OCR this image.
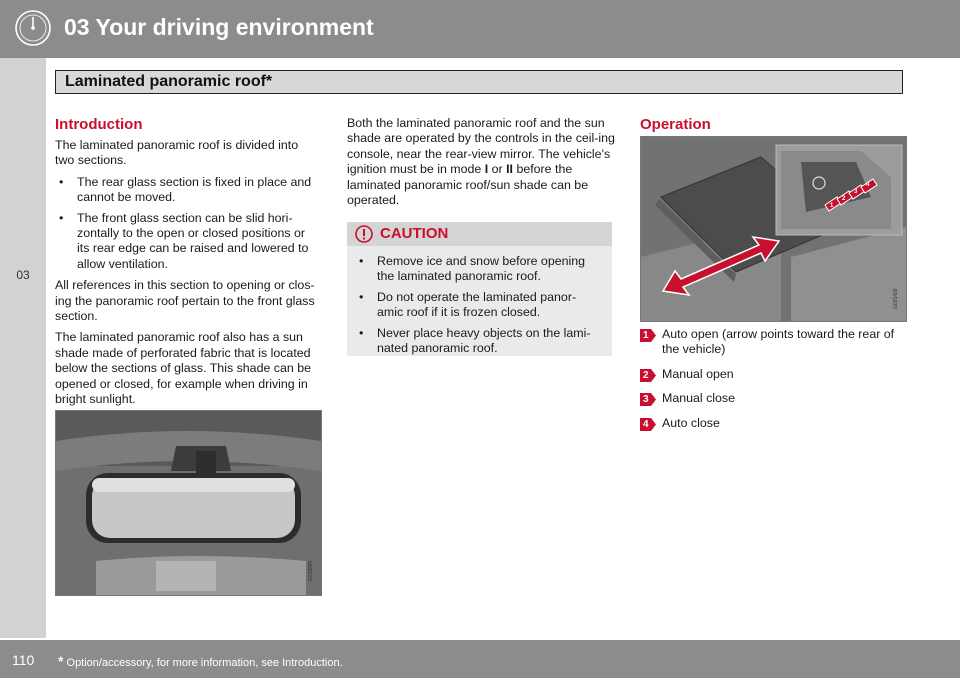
03 Your driving environment
03
Laminated panoramic roof*
Introduction

The laminated panoramic roof is divided into two sections.

• The rear glass section is fixed in place and cannot be moved.
• The front glass section can be slid hori-zontally to the open or closed positions or its rear edge can be raised and lowered to allow ventilation.

All references in this section to opening or clos-ing the panoramic roof pertain to the front glass section.

The laminated panoramic roof also has a sun shade made of perforated fabric that is located below the sections of glass. This shade can be opened or closed, for example when driving in bright sunlight.

G035884

Both the laminated panoramic roof and the sun shade are operated by the controls in the ceil-ing console, near the rear-view mirror. The vehicle's ignition must be in mode I or II before the laminated panoramic roof/sun shade can be operated.

CAUTION
• Remove ice and snow before opening the laminated panoramic roof.
• Do not operate the laminated panor-amic roof if it is frozen closed.
• Never place heavy objects on the lami-nated panoramic roof.
Operation
1
2
3
4
G031428
1 Auto open (arrow points toward the rear of the vehicle)
2 Manual open
3 Manual close
4 Auto close
110 * Option/accessory, for more information, see Introduction.
